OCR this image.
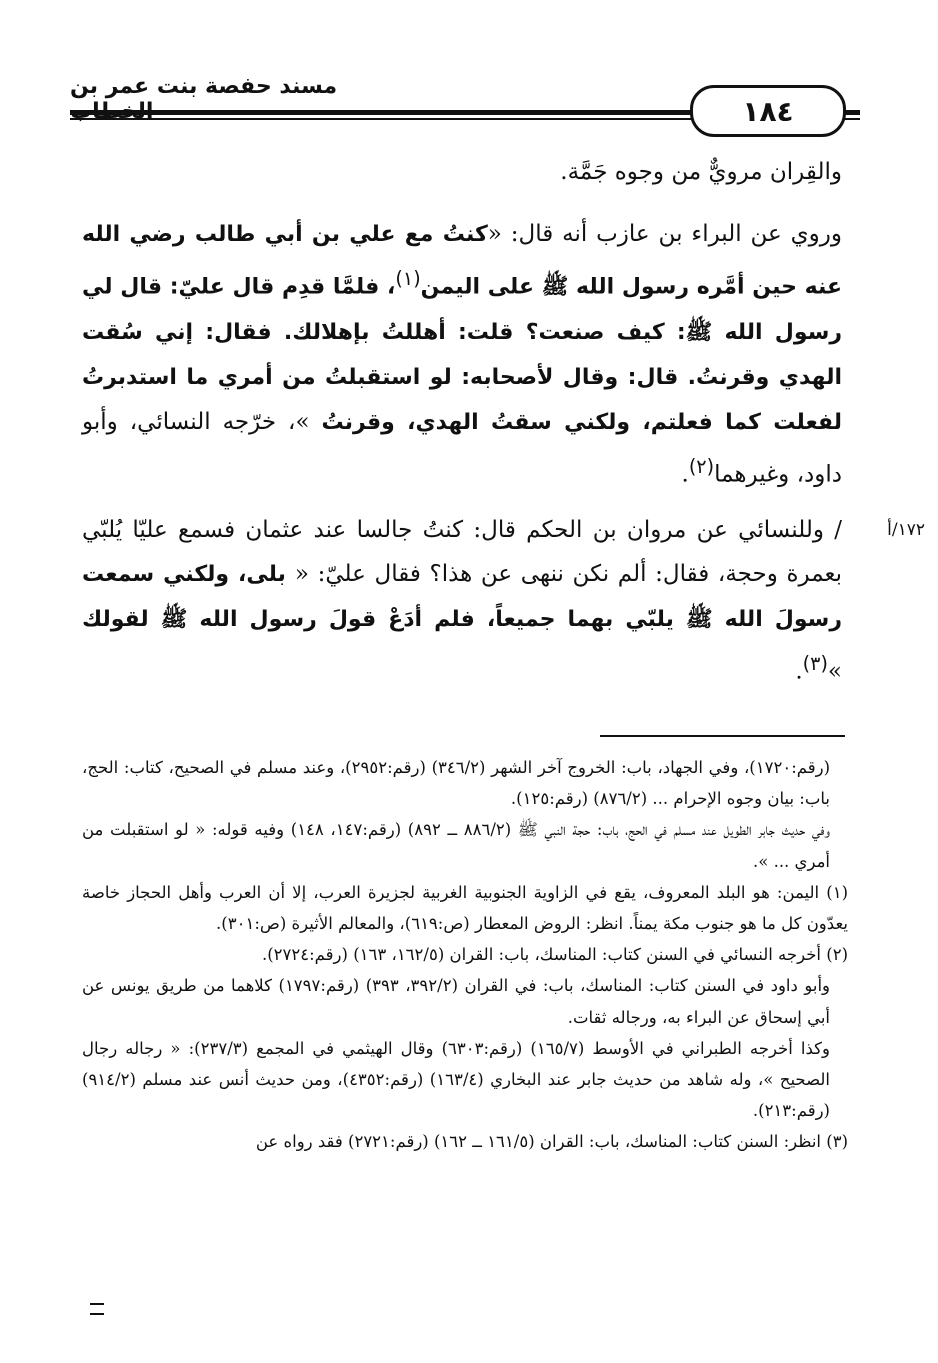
مسند حفصة بنت عمر بن
١٨٤

والقِران مرويٌّ من وجوه جَمَّة.

وروي عن البراء بن عازب أنه قال: «كنتُ مع علي بن أبي طالب رضي الله عنه حين أمَّره رسول الله ﷺ على اليمن$^{(١)}$، فلمَّا قدِم قال عليّ: قال لي رسول الله ﷺ: كيف صنعت؟ قلت: أهللتُ بإهلالك. فقال: إني سُقت الهدي وقرنتُ. قال: وقال لأصحابه: لو استقبلتُ من أمري ما استدبرتُ لفعلت كما فعلتم، ولكني سقتُ الهدي، وقرنتُ »، خرّجه النسائي، وأبو داود، وغيرهما$^{(٢)}$.

/ وللنسائي عن مروان بن الحكم قال: كنتُ جالسا عند عثمان فسمع عليّا يُلبّي بعمرة وحجة، فقال: ألم نكن ننهى عن هذا؟ فقال عليّ: « بلى، ولكني سمعت رسولَ الله ﷺ يلبّي بهما جميعاً، فلم أدَعْ قولَ رسول الله ﷺ لقولك »$^{(٣)}$.

١٧٢/أ

(رقم:١٧٢٠)، وفي الجهاد، باب: الخروج آخر الشهر (٣٤٦/٢) (رقم:٢٩٥٢)، وعند مسلم في الصحيح، كتاب: الحج، باب: بيان وجوه الإحرام ... (٨٧٦/٢) (رقم:١٢٥).

وفي حديث جابر الطويل عند مسلم في الحج، باب: حجة النبي ﷺ (٨٨٦/٢ ــ ٨٩٢) (رقم:١٤٧، ١٤٨) وفيه قوله: « لو استقبلت من أمري ... ».

(١) اليمن: هو البلد المعروف، يقع في الزاوية الجنوبية الغربية لجزيرة العرب، إلا أن العرب وأهل الحجاز خاصة يعدّون كل ما هو جنوب مكة يمناً. انظر: الروض المعطار (ص:٦١٩)، والمعالم الأثيرة (ص:٣٠١).

(٢) أخرجه النسائي في السنن كتاب: المناسك، باب: القران (١٦٢/٥، ١٦٣) (رقم:٢٧٢٤).

وأبو داود في السنن كتاب: المناسك، باب: في القران (٣٩٢/٢، ٣٩٣) (رقم:١٧٩٧) كلاهما من طريق يونس عن أبي إسحاق عن البراء به، ورجاله ثقات.

وكذا أخرجه الطبراني في الأوسط (١٦٥/٧) (رقم:٦٣٠٣) وقال الهيثمي في المجمع (٢٣٧/٣): « رجاله رجال الصحيح »، وله شاهد من حديث جابر عند البخاري (١٦٣/٤) (رقم:٤٣٥٢)، ومن حديث أنس عند مسلم (٩١٤/٢) (رقم:٢١٣).

(٣) انظر: السنن كتاب: المناسك، باب: القران (١٦١/٥ ــ ١٦٢) (رقم:٢٧٢١) فقد رواه عن
